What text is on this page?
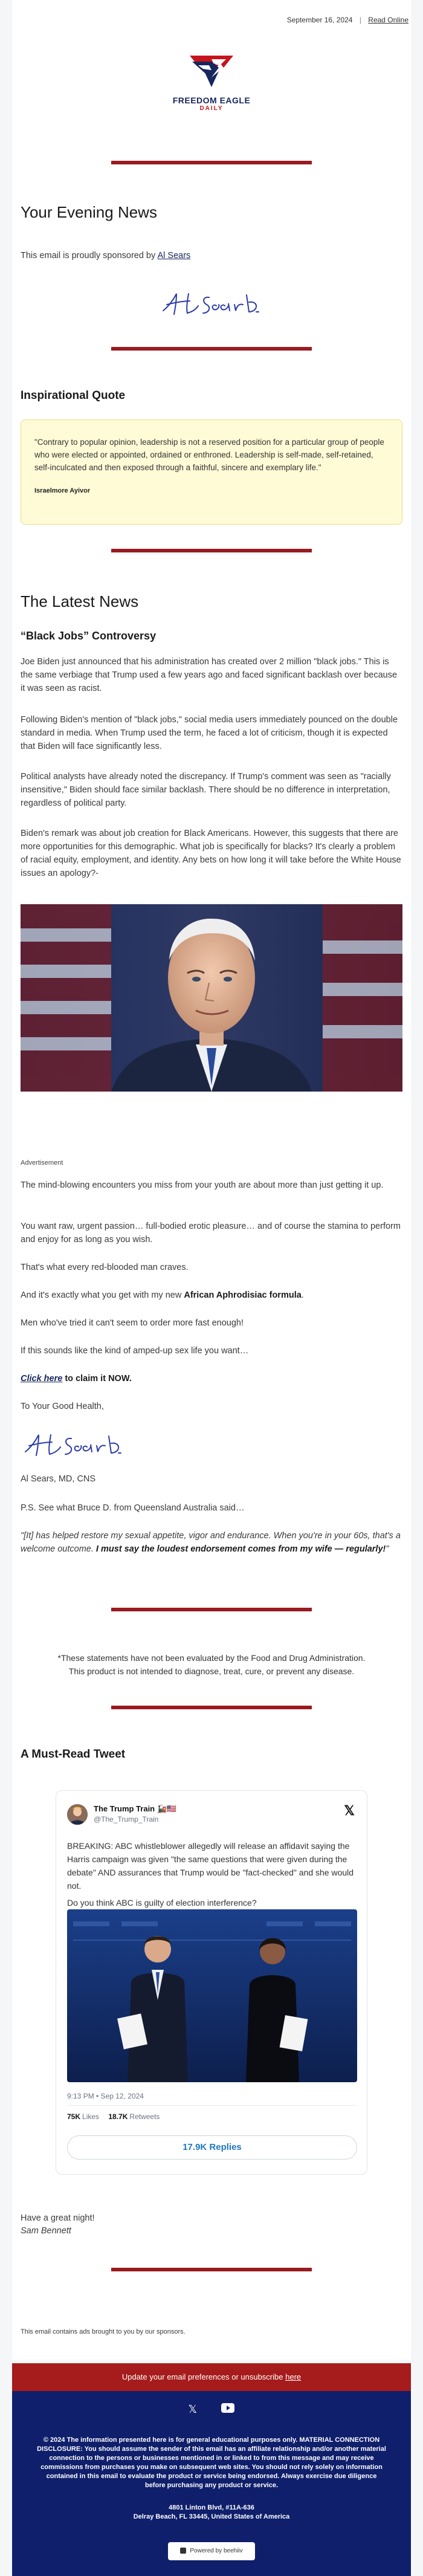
September 16, 2024 | Read Online
FREEDOM EAGLE
DAILY
Your Evening News
This email is proudly sponsored by Al Sears
Inspirational Quote
"Contrary to popular opinion, leadership is not a reserved position for a particular group of people who were elected or appointed, ordained or enthroned. Leadership is self-made, self-retained, self-inculcated and then exposed through a faithful, sincere and exemplary life."
Israelmore Ayivor
The Latest News
“Black Jobs” Controversy
Joe Biden just announced that his administration has created over 2 million "black jobs." This is the same verbiage that Trump used a few years ago and faced significant backlash over because it was seen as racist.
Following Biden's mention of "black jobs," social media users immediately pounced on the double standard in media. When Trump used the term, he faced a lot of criticism, though it is expected that Biden will face significantly less.
Political analysts have already noted the discrepancy. If Trump's comment was seen as "racially insensitive," Biden should face similar backlash. There should be no difference in interpretation, regardless of political party.
Biden's remark was about job creation for Black Americans. However, this suggests that there are more opportunities for this demographic. What job is specifically for blacks? It's clearly a problem of racial equity, employment, and identity. Any bets on how long it will take before the White House issues an apology?-
Advertisement
The mind-blowing encounters you miss from your youth are about more than just getting it up.
You want raw, urgent passion… full-bodied erotic pleasure… and of course the stamina to perform and enjoy for as long as you wish.
That's what every red-blooded man craves.
And it's exactly what you get with my new African Aphrodisiac formula.
Men who've tried it can't seem to order more fast enough!
If this sounds like the kind of amped-up sex life you want…
Click here to claim it NOW.
To Your Good Health,
Al Sears, MD, CNS
P.S. See what Bruce D. from Queensland Australia said…
"[It] has helped restore my sexual appetite, vigor and endurance. When you're in your 60s, that's a welcome outcome. I must say the loudest endorsement comes from my wife — regularly!"
*These statements have not been evaluated by the Food and Drug Administration.
This product is not intended to diagnose, treat, cure, or prevent any disease.
A Must-Read Tweet
The Trump Train 🚂🇺🇸
@The_Trump_Train
𝕏
BREAKING: ABC whistleblower allegedly will release an affidavit saying the Harris campaign was given "the same questions that were given during the debate" AND assurances that Trump would be "fact-checked" and she would not.
Do you think ABC is guilty of election interference?
9:13 PM • Sep 12, 2024
75K Likes 18.7K Retweets
17.9K Replies
Have a great night!
Sam Bennett
This email contains ads brought to you by our sponsors.
Update your email preferences or unsubscribe here
𝕏
© 2024 The information presented here is for general educational purposes only. MATERIAL CONNECTION DISCLOSURE: You should assume the sender of this email has an affiliate relationship and/or another material connection to the persons or businesses mentioned in or linked to from this message and may receive commissions from purchases you make on subsequent web sites. You should not rely solely on information contained in this email to evaluate the product or service being endorsed. Always exercise due diligence before purchasing any product or service.
4801 Linton Blvd, #11A-636
Delray Beach, FL 33445, United States of America
Powered by beehiiv
